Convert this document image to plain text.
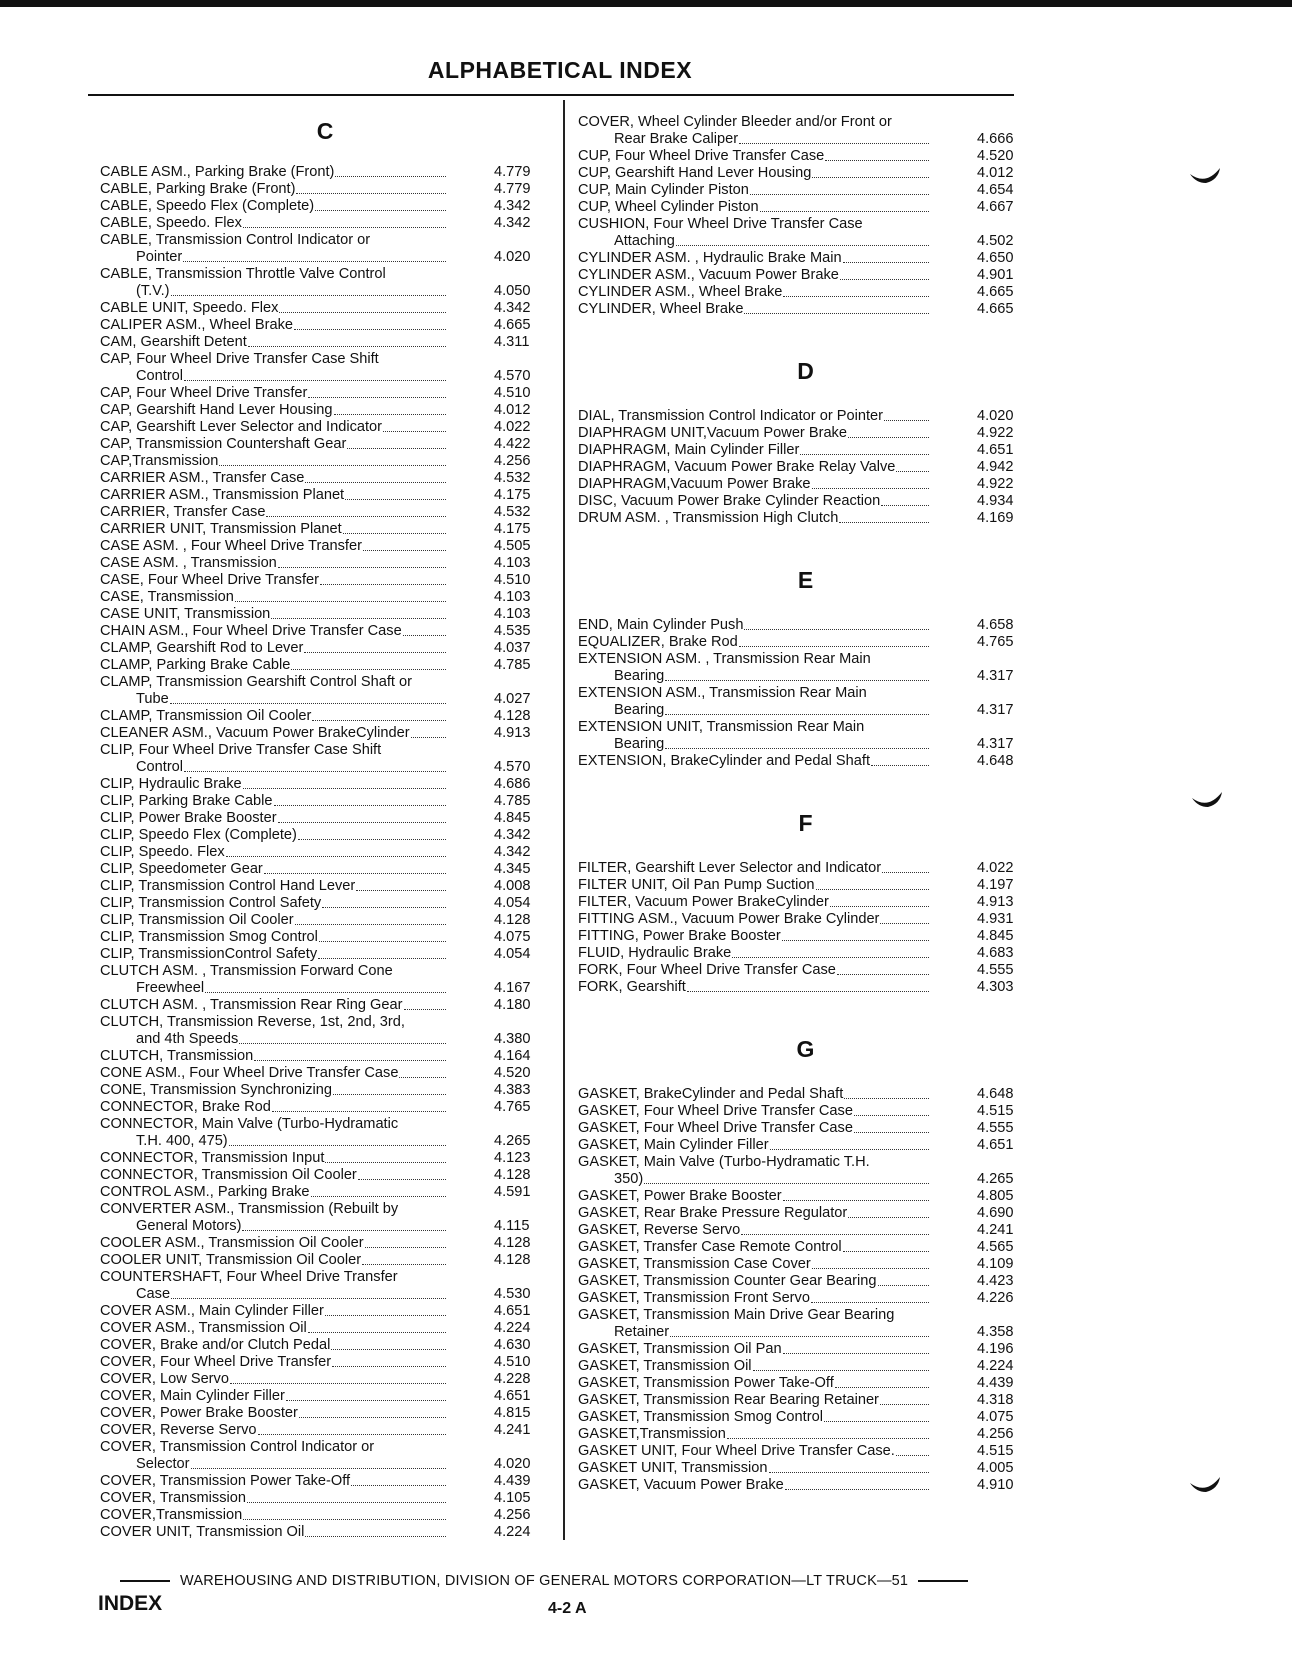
ALPHABETICAL INDEX
C
CABLE ASM., Parking Brake (Front)	4.779
CABLE, Parking Brake (Front)	4.779
CABLE, Speedo Flex (Complete)	4.342
CABLE, Speedo. Flex	4.342
CABLE, Transmission Control Indicator or
Pointer	4.020
CABLE, Transmission Throttle Valve Control
(T.V.)	4.050
CABLE UNIT, Speedo. Flex	4.342
CALIPER ASM., Wheel Brake	4.665
CAM, Gearshift Detent	4.311
CAP, Four Wheel Drive Transfer Case Shift
Control	4.570
CAP, Four Wheel Drive Transfer	4.510
CAP, Gearshift Hand Lever Housing	4.012
CAP, Gearshift Lever Selector and Indicator	4.022
CAP, Transmission Countershaft Gear	4.422
CAP,Transmission	4.256
CARRIER ASM., Transfer Case	4.532
CARRIER ASM., Transmission Planet	4.175
CARRIER, Transfer Case	4.532
CARRIER UNIT, Transmission Planet	4.175
CASE ASM. , Four Wheel Drive Transfer	4.505
CASE ASM. , Transmission	4.103
CASE, Four Wheel Drive Transfer	4.510
CASE, Transmission	4.103
CASE UNIT, Transmission	4.103
CHAIN ASM., Four Wheel Drive Transfer Case	4.535
CLAMP, Gearshift Rod to Lever	4.037
CLAMP, Parking Brake Cable	4.785
CLAMP, Transmission Gearshift Control Shaft or
Tube	4.027
CLAMP, Transmission Oil Cooler	4.128
CLEANER ASM., Vacuum Power BrakeCylinder	4.913
CLIP, Four Wheel Drive Transfer Case Shift
Control	4.570
CLIP, Hydraulic Brake	4.686
CLIP, Parking Brake Cable	4.785
CLIP, Power Brake Booster	4.845
CLIP, Speedo Flex (Complete)	4.342
CLIP, Speedo. Flex	4.342
CLIP, Speedometer Gear	4.345
CLIP, Transmission Control Hand Lever	4.008
CLIP, Transmission Control Safety	4.054
CLIP, Transmission Oil Cooler	4.128
CLIP, Transmission Smog Control	4.075
CLIP, TransmissionControl Safety	4.054
CLUTCH ASM. , Transmission Forward Cone
Freewheel	4.167
CLUTCH ASM. , Transmission Rear Ring Gear	4.180
CLUTCH, Transmission Reverse, 1st, 2nd, 3rd,
and 4th Speeds	4.380
CLUTCH, Transmission	4.164
CONE ASM., Four Wheel Drive Transfer Case	4.520
CONE, Transmission Synchronizing	4.383
CONNECTOR, Brake Rod	4.765
CONNECTOR, Main Valve (Turbo-Hydramatic
T.H. 400, 475)	4.265
CONNECTOR, Transmission Input	4.123
CONNECTOR, Transmission Oil Cooler	4.128
CONTROL ASM., Parking Brake	4.591
CONVERTER ASM., Transmission (Rebuilt by
General Motors)	4.115
COOLER ASM., Transmission Oil Cooler	4.128
COOLER UNIT, Transmission Oil Cooler	4.128
COUNTERSHAFT, Four Wheel Drive Transfer
Case	4.530
COVER ASM., Main Cylinder Filler	4.651
COVER ASM., Transmission Oil	4.224
COVER, Brake and/or Clutch Pedal	4.630
COVER, Four Wheel Drive Transfer	4.510
COVER, Low Servo	4.228
COVER, Main Cylinder Filler	4.651
COVER, Power Brake Booster	4.815
COVER, Reverse Servo	4.241
COVER, Transmission Control Indicator or
Selector	4.020
COVER, Transmission Power Take-Off	4.439
COVER, Transmission	4.105
COVER,Transmission	4.256
COVER UNIT, Transmission Oil	4.224
COVER, Wheel Cylinder Bleeder and/or Front or
Rear Brake Caliper	4.666
CUP, Four Wheel Drive Transfer Case	4.520
CUP, Gearshift Hand Lever Housing	4.012
CUP, Main Cylinder Piston	4.654
CUP, Wheel Cylinder Piston	4.667
CUSHION, Four Wheel Drive Transfer Case
Attaching	4.502
CYLINDER ASM. , Hydraulic Brake Main	4.650
CYLINDER ASM., Vacuum Power Brake	4.901
CYLINDER ASM., Wheel Brake	4.665
CYLINDER, Wheel Brake	4.665
D
DIAL, Transmission Control Indicator or Pointer	4.020
DIAPHRAGM UNIT,Vacuum Power Brake	4.922
DIAPHRAGM, Main Cylinder Filler	4.651
DIAPHRAGM, Vacuum Power Brake Relay Valve	4.942
DIAPHRAGM,Vacuum Power Brake	4.922
DISC, Vacuum Power Brake Cylinder Reaction	4.934
DRUM ASM. , Transmission High Clutch	4.169
E
END, Main Cylinder Push	4.658
EQUALIZER, Brake Rod	4.765
EXTENSION ASM. , Transmission Rear Main
Bearing	4.317
EXTENSION ASM., Transmission Rear Main
Bearing	4.317
EXTENSION UNIT, Transmission Rear Main
Bearing	4.317
EXTENSION, BrakeCylinder and Pedal Shaft	4.648
F
FILTER, Gearshift Lever Selector and Indicator	4.022
FILTER UNIT, Oil Pan Pump Suction	4.197
FILTER, Vacuum Power BrakeCylinder	4.913
FITTING ASM., Vacuum Power Brake Cylinder	4.931
FITTING, Power Brake Booster	4.845
FLUID, Hydraulic Brake	4.683
FORK, Four Wheel Drive Transfer Case	4.555
FORK, Gearshift	4.303
G
GASKET, BrakeCylinder and Pedal Shaft	4.648
GASKET, Four Wheel Drive Transfer Case	4.515
GASKET, Four Wheel Drive Transfer Case	4.555
GASKET, Main Cylinder Filler	4.651
GASKET, Main Valve (Turbo-Hydramatic T.H.
350)	4.265
GASKET, Power Brake Booster	4.805
GASKET, Rear Brake Pressure Regulator	4.690
GASKET, Reverse Servo	4.241
GASKET, Transfer Case Remote Control	4.565
GASKET, Transmission Case Cover	4.109
GASKET, Transmission Counter Gear Bearing	4.423
GASKET, Transmission Front Servo	4.226
GASKET, Transmission Main Drive Gear Bearing
Retainer	4.358
GASKET, Transmission Oil Pan	4.196
GASKET, Transmission Oil	4.224
GASKET, Transmission Power Take-Off	4.439
GASKET, Transmission Rear Bearing Retainer	4.318
GASKET, Transmission Smog Control	4.075
GASKET,Transmission	4.256
GASKET UNIT, Four Wheel Drive Transfer Case.	4.515
GASKET UNIT, Transmission	4.005
GASKET, Vacuum Power Brake	4.910
WAREHOUSING AND DISTRIBUTION, DIVISION OF GENERAL MOTORS CORPORATION—LT TRUCK—51
INDEX	4-2 A
